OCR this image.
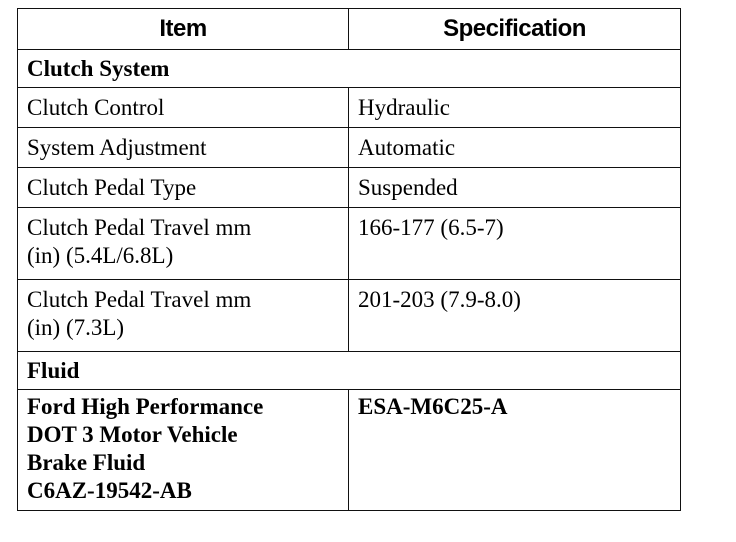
Item	Specification
Clutch System	
Clutch Control	Hydraulic
System Adjustment	Automatic
Clutch Pedal Type	Suspended

Clutch Pedal Travel mm
(in) (5.4L/6.8L)	166-177 (6.5-7)

Clutch Pedal Travel mm
(in) (7.3L)	201-203 (7.9-8.0)
Fluid	

Ford High Performance
DOT 3 Motor Vehicle
Brake Fluid
C6AZ-19542-AB	ESA-M6C25-A
